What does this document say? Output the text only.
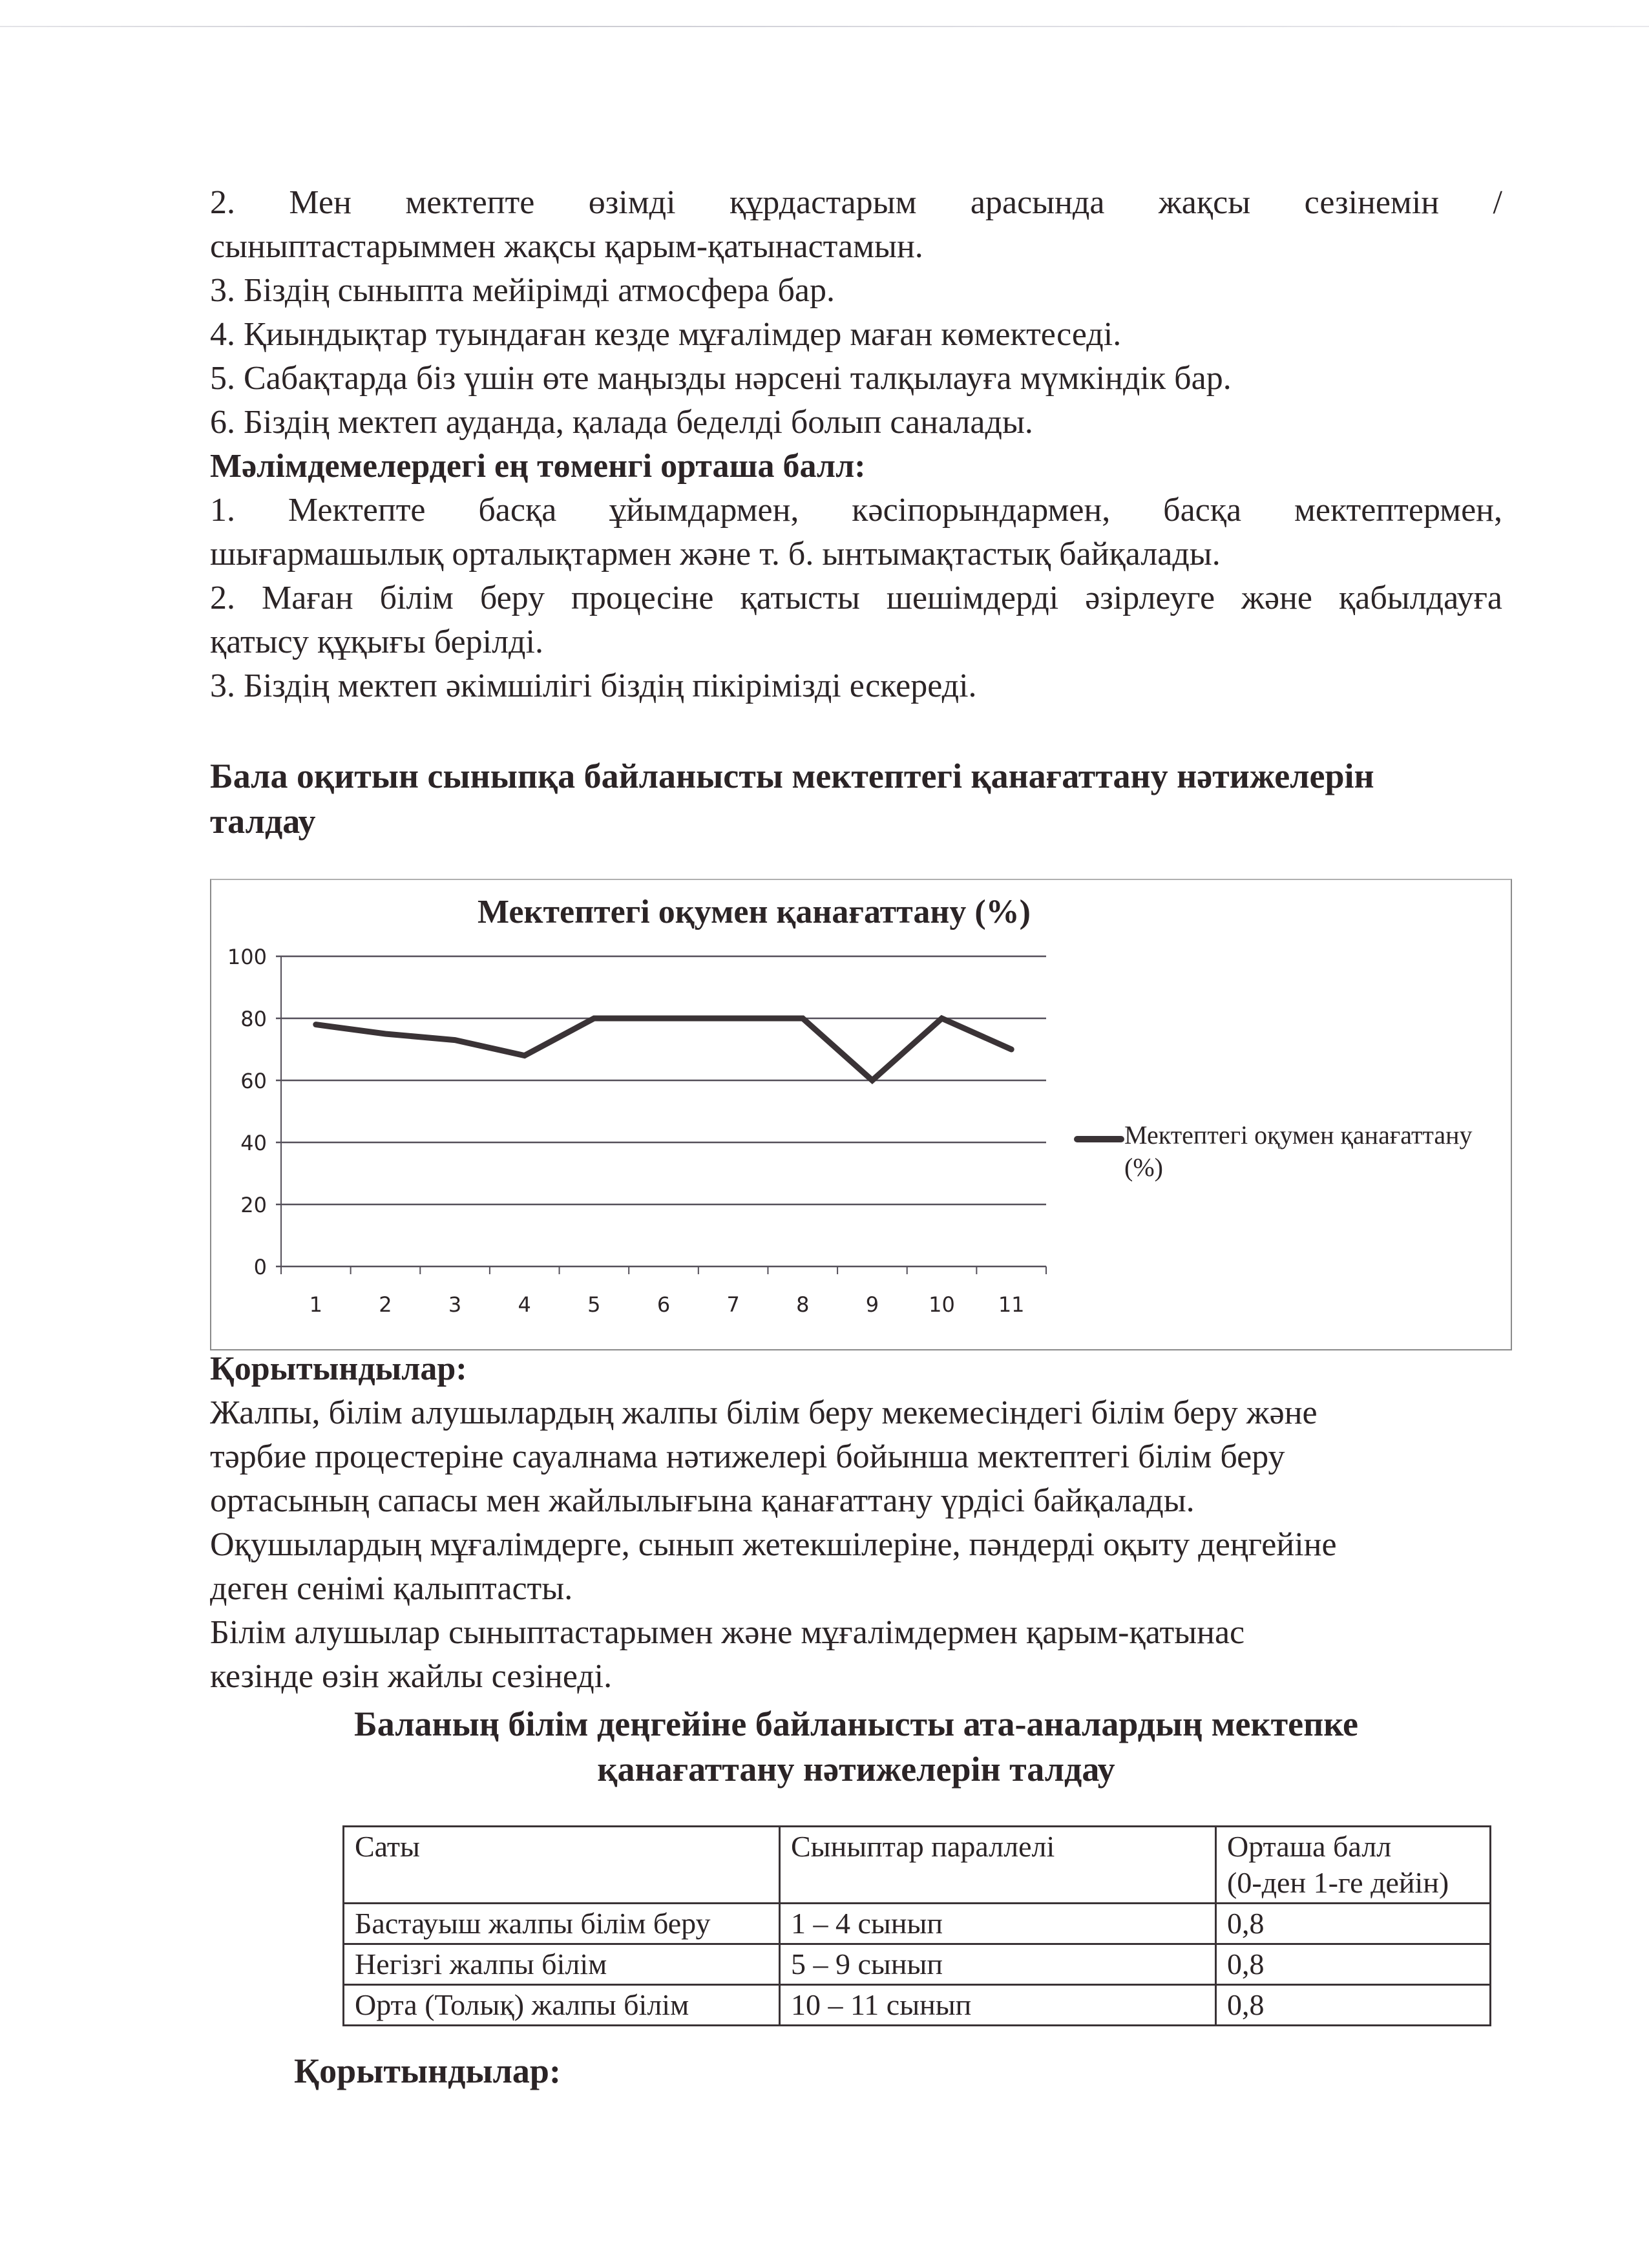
2. Мен мектепте өзімді құрдастарым арасында жақсы сезінемін /

сыныптастарыммен жақсы қарым-қатынастамын.

3. Біздің сыныпта мейірімді атмосфера бар.

4. Қиындықтар туындаған кезде мұғалімдер маған көмектеседі.

5. Сабақтарда біз үшін өте маңызды нәрсені талқылауға мүмкіндік бар.

6. Біздің мектеп ауданда, қалада беделді болып саналады.

Мәлімдемелердегі ең төменгі орташа балл:

1. Мектепте басқа ұйымдармен, кәсіпорындармен, басқа мектептермен,

шығармашылық орталықтармен және т. б. ынтымақтастық байқалады.

2. Маған білім беру процесіне қатысты шешімдерді әзірлеуге және қабылдауға

қатысу құқығы берілді.

3. Біздің мектеп әкімшілігі біздің пікірімізді ескереді.

Бала оқитын сыныпқа байланысты мектептегі қанағаттану нәтижелерін

талдау

Мектептегі оқумен қанағаттану (%)
0
20
40
60
80
100
1	2	3	4	5	6	7	8	9 10 11
Мектептегі оқумен қанағаттану
(%)

Қорытындылар:

Жалпы, білім алушылардың жалпы білім беру мекемесіндегі білім беру және

тәрбие процестеріне сауалнама нәтижелері бойынша мектептегі білім беру

ортасының сапасы мен жайлылығына қанағаттану үрдісі байқалады.

Оқушылардың мұғалімдерге, сынып жетекшілеріне, пәндерді оқыту деңгейіне

деген сенімі қалыптасты.

Білім алушылар сыныптастарымен және мұғалімдермен қарым-қатынас

кезінде өзін жайлы сезінеді.

Баланың білім деңгейіне байланысты ата-аналардың мектепке

қанағаттану нәтижелерін талдау

Саты	Сыныптар параллелі	Орташа балл
(0-ден 1-ге дейін)

Бастауыш жалпы білім беру	1 – 4 сынып	0,8
Негізгі жалпы білім	5 – 9 сынып	0,8
Орта (Толық) жалпы білім	10 – 11 сынып	0,8

Қорытындылар:
